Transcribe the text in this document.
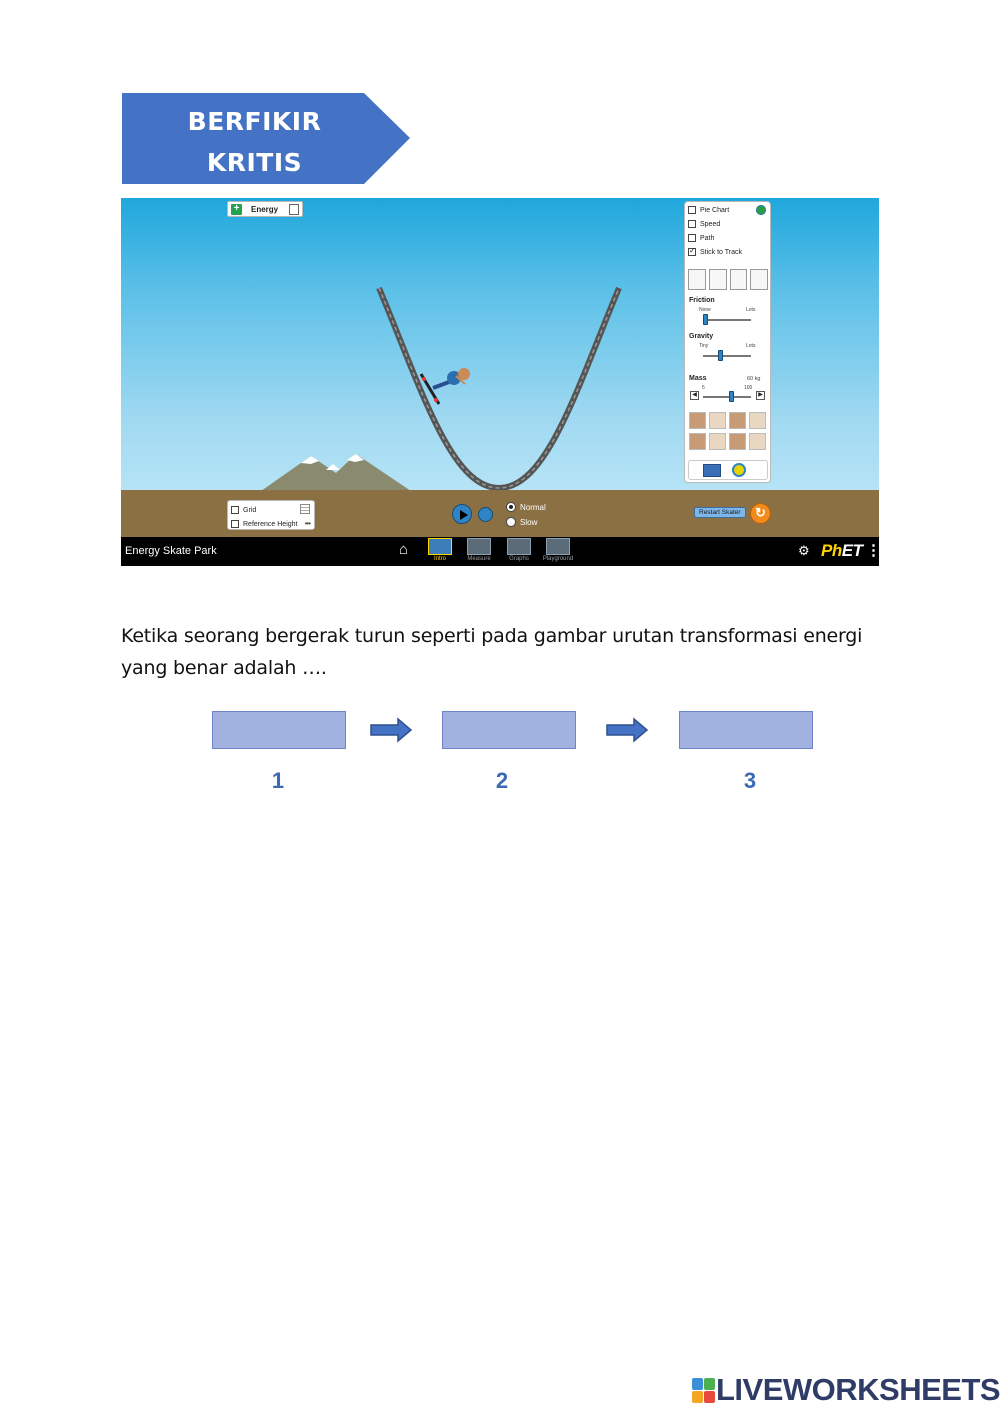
BERFIKIR
KRITIS
+	Energy	Pie Chart
Speed
Path
✓
Stick to Track
Friction
None	Lots
Gravity
Tiny	Lots
Mass	60 kg
5	100
◀	▶
Grid
Reference Height •••
Normal
Slow
Restart Skater	↻
Energy Skate Park	⌂
Intro	Measure	Graphs	Playground
⚙ PhET ⋮
Ketika seorang bergerak turun seperti pada gambar urutan transformasi energi yang benar adalah ….
1	2	3
LIVEWORKSHEETS
